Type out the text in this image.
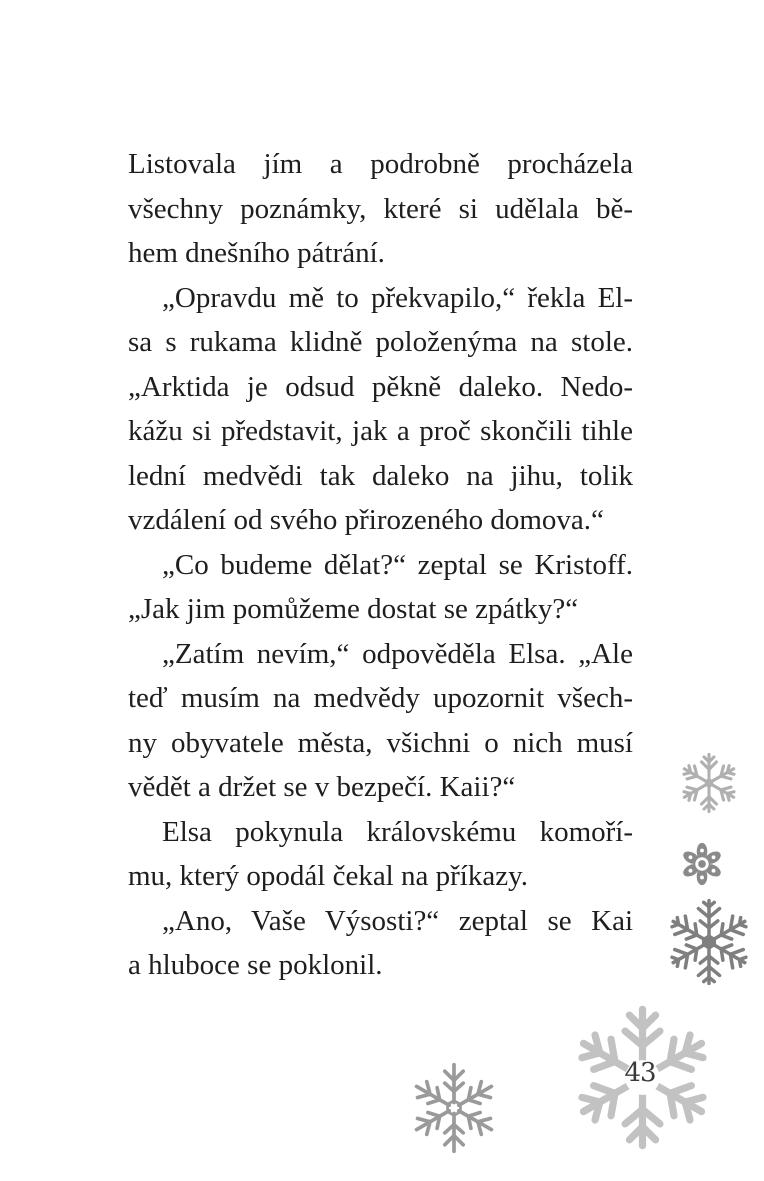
Listovala jím a podrobně procházela
všechny poznámky, které si udělala bě-
hem dnešního pátrání.

„Opravdu mě to překvapilo,“ řekla El-
sa s rukama klidně položenýma na stole.
„Arktida je odsud pěkně daleko. Nedo-
kážu si představit, jak a proč skončili tihle
lední medvědi tak daleko na jihu, tolik
vzdálení od svého přirozeného domova.“

„Co budeme dělat?“ zeptal se Kristoff.
„Jak jim pomůžeme dostat se zpátky?“

„Zatím nevím,“ odpověděla Elsa. „Ale
teď musím na medvědy upozornit všech-
ny obyvatele města, všichni o nich musí
vědět a držet se v bezpečí. Kaii?“

Elsa pokynula královskému komoří-
mu, který opodál čekal na příkazy.

„Ano, Vaše Výsosti?“ zeptal se Kai
a hluboce se poklonil.

43
